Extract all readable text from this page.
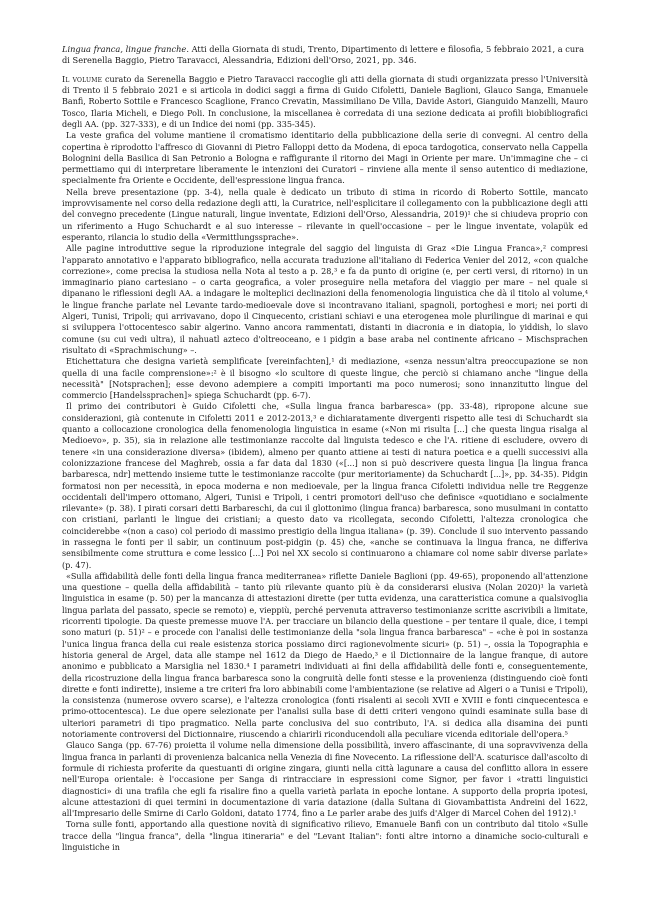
Lingua franca, lingue franche. Atti della Giornata di studi, Trento, Dipartimento di lettere e filosofia, 5 febbraio 2021, a cura di Serenella Baggio, Pietro Taravacci, Alessandria, Edizioni dell'Orso, 2021, pp. 346.

Il volume curato da Serenella Baggio e Pietro Taravacci raccoglie gli atti della giornata di studi organizzata presso l'Università di Trento il 5 febbraio 2021 e si articola in dodici saggi a firma di Guido Cifoletti, Daniele Baglioni, Glauco Sanga, Emanuele Banfi, Roberto Sottile e Francesco Scaglione, Franco Crevatin, Massimiliano De Villa, Davide Astori, Gianguido Manzelli, Mauro Tosco, Ilaria Micheli, e Diego Poli. In conclusione, la miscellanea è corredata di una sezione dedicata ai profili biobibliografici degli AA. (pp. 327-333), e di un Indice dei nomi (pp. 335-345).

La veste grafica del volume mantiene il cromatismo identitario della pubblicazione della serie di convegni. Al centro della copertina è riprodotto l'affresco di Giovanni di Pietro Falloppi detto da Modena, di epoca tardogotica, conservato nella Cappella Bolognini della Basilica di San Petronio a Bologna e raffigurante il ritorno dei Magi in Oriente per mare. Un'immagine che – ci permettiamo qui di interpretare liberamente le intenzioni dei Curatori – rinviene alla mente il senso autentico di mediazione, specialmente fra Oriente e Occidente, dell'espressione lingua franca.

Nella breve presentazione (pp. 3-4), nella quale è dedicato un tributo di stima in ricordo di Roberto Sottile, mancato improvvisamente nel corso della redazione degli atti, la Curatrice, nell'esplicitare il collegamento con la pubblicazione degli atti del convegno precedente (Lingue naturali, lingue inventate, Edizioni dell'Orso, Alessandria, 2019)¹ che si chiudeva proprio con un riferimento a Hugo Schuchardt e al suo interesse – rilevante in quell'occasione – per le lingue inventate, volapük ed esperanto, rilancia lo studio della «Vermittlungssprache».

Alle pagine introduttive segue la riproduzione integrale del saggio del linguista di Graz «Die Lingua Franca»,² compresi l'apparato annotativo e l'apparato bibliografico, nella accurata traduzione all'italiano di Federica Venier del 2012, «con qualche correzione», come precisa la studiosa nella Nota al testo a p. 28,³ e fa da punto di origine (e, per certi versi, di ritorno) in un immaginario piano cartesiano – o carta geografica, a voler proseguire nella metafora del viaggio per mare – nel quale si dipanano le riflessioni degli AA. a indagare le molteplici declinazioni della fenomenologia linguistica che dà il titolo al volume,⁴ le lingue franche parlate nel Levante tardo-medioevale dove si incontravano italiani, spagnoli, portoghesi e mori; nei porti di Algeri, Tunisi, Tripoli; qui arrivavano, dopo il Cinquecento, cristiani schiavi e una eterogenea mole plurilingue di marinai e qui si sviluppera l'ottocentesco sabir algerino. Vanno ancora rammentati, distanti in diacronia e in diatopia, lo yiddish, lo slavo comune (su cui vedi ultra), il nahuatl azteco d'oltreoceano, e i pidgin a base araba nel continente africano – Mischsprachen risultato di «Sprachmischung» –.

Etichettatura che designa varietà semplificate [vereinfachten],¹ di mediazione, «senza nessun'altra preoccupazione se non quella di una facile comprensione»:² è il bisogno «lo scultore di queste lingue, che perciò si chiamano anche "lingue della necessità" [Notsprachen]; esse devono adempiere a compiti importanti ma poco numerosi; sono innanzitutto lingue del commercio [Handelssprachen]» spiega Schuchardt (pp. 6-7).

Il primo dei contributori è Guido Cifoletti che, «Sulla lingua franca barbaresca» (pp. 33-48), ripropone alcune sue considerazioni, già contenute in Cifoletti 2011 e 2012-2013,³ e dichiaratamente divergenti rispetto alle tesi di Schuchardt sia quanto a collocazione cronologica della fenomenologia linguistica in esame («Non mi risulta [...] che questa lingua risalga al Medioevo», p. 35), sia in relazione alle testimonianze raccolte dal linguista tedesco e che l'A. ritiene di escludere, ovvero di tenere «in una considerazione diversa» (ibidem), almeno per quanto attiene ai testi di natura poetica e a quelli successivi alla colonizzazione francese del Maghreb, ossia a far data dal 1830 («[...] non si può descrivere questa lingua [la lingua franca barbaresca, ndr] mettendo insieme tutte le testimonianze raccolte (pur meritoriamente) da Schuchardt [...]», pp. 34-35). Pidgin formatosi non per necessità, in epoca moderna e non medioevale, per la lingua franca Cifoletti individua nelle tre Reggenze occidentali dell'impero ottomano, Algeri, Tunisi e Tripoli, i centri promotori dell'uso che definisce «quotidiano e socialmente rilevante» (p. 38). I pirati corsari detti Barbareschi, da cui il glottonimo (lingua franca) barbaresca, sono musulmani in contatto con cristiani, parlanti le lingue dei cristiani; a questo dato va ricollegata, secondo Cifoletti, l'altezza cronologica che coinciderebbe «(non a caso) col periodo di massimo prestigio della lingua italiana» (p. 39). Conclude il suo intervento passando in rassegna le fonti per il sabir, un continuum post-pidgin (p. 45) che, «anche se continuava la lingua franca, ne differiva sensibilmente come struttura e come lessico [...] Poi nel XX secolo si continuarono a chiamare col nome sabir diverse parlate» (p. 47).

«Sulla affidabilità delle fonti della lingua franca mediterranea» riflette Daniele Baglioni (pp. 49-65), proponendo all'attenzione una questione – quella della affidabilità – tanto più rilevante quanto più è da considerarsi elusiva (Nolan 2020)¹ la varietà linguistica in esame (p. 50) per la mancanza di attestazioni dirette (per tutta evidenza, una caratteristica comune a qualsivoglia lingua parlata del passato, specie se remoto) e, vieppiù, perché pervenuta attraverso testimonianze scritte ascrivibili a limitate, ricorrenti tipologie. Da queste premesse muove l'A. per tracciare un bilancio della questione – per tentare il quale, dice, i tempi sono maturi (p. 51)² – e procede con l'analisi delle testimonianze della "sola lingua franca barbaresca" – «che è poi in sostanza l'unica lingua franca della cui reale esistenza storica possiamo dirci ragionevolmente sicuri» (p. 51) –, ossia la Topographia e historia general de Argel, data alle stampe nel 1612 da Diego de Haedo,³ e il Dictionnaire de la langue franque, di autore anonimo e pubblicato a Marsiglia nel 1830.⁴ I parametri individuati ai fini della affidabilità delle fonti e, conseguentemente, della ricostruzione della lingua franca barbaresca sono la congruità delle fonti stesse e la provenienza (distinguendo cioè fonti dirette e fonti indirette), insieme a tre criteri fra loro abbinabili come l'ambientazione (se relative ad Algeri o a Tunisi e Tripoli), la consistenza (numerose ovvero scarse), e l'altezza cronologica (fonti risalenti ai secoli XVII e XVIII e fonti cinquecentesca e primo-ottocentesca). Le due opere selezionate per l'analisi sulla base di detti criteri vengono quindi esaminate sulla base di ulteriori parametri di tipo pragmatico. Nella parte conclusiva del suo contributo, l'A. si dedica alla disamina dei punti notoriamente controversi del Dictionnaire, riuscendo a chiarirli riconducendoli alla peculiare vicenda editoriale dell'opera.⁵

Glauco Sanga (pp. 67-76) proietta il volume nella dimensione della possibilità, invero affascinante, di una sopravvivenza della lingua franca in parlanti di provenienza balcanica nella Venezia di fine Novecento. La riflessione dell'A. scaturisce dall'ascolto di formule di richiesta proferite da questuanti di origine zingara, giunti nella città lagunare a causa del conflitto allora in essere nell'Europa orientale: è l'occasione per Sanga di rintracciare in espressioni come Signor, per favor i «tratti linguistici diagnostici» di una trafila che egli fa risalire fino a quella varietà parlata in epoche lontane. A supporto della propria ipotesi, alcune attestazioni di quei termini in documentazione di varia datazione (dalla Sultana di Giovambattista Andreini del 1622, all'Impresario delle Smirne di Carlo Goldoni, datato 1774, fino a Le parler arabe des juifs d'Alger di Marcel Cohen del 1912).¹

Torna sulle fonti, apportando alla questione novità di significativo rilievo, Emanuele Banfi con un contributo dal titolo «Sulle tracce della "lingua franca", della "lingua itineraria" e del "Levant Italian": fonti altre intorno a dinamiche socio-culturali e linguistiche in
